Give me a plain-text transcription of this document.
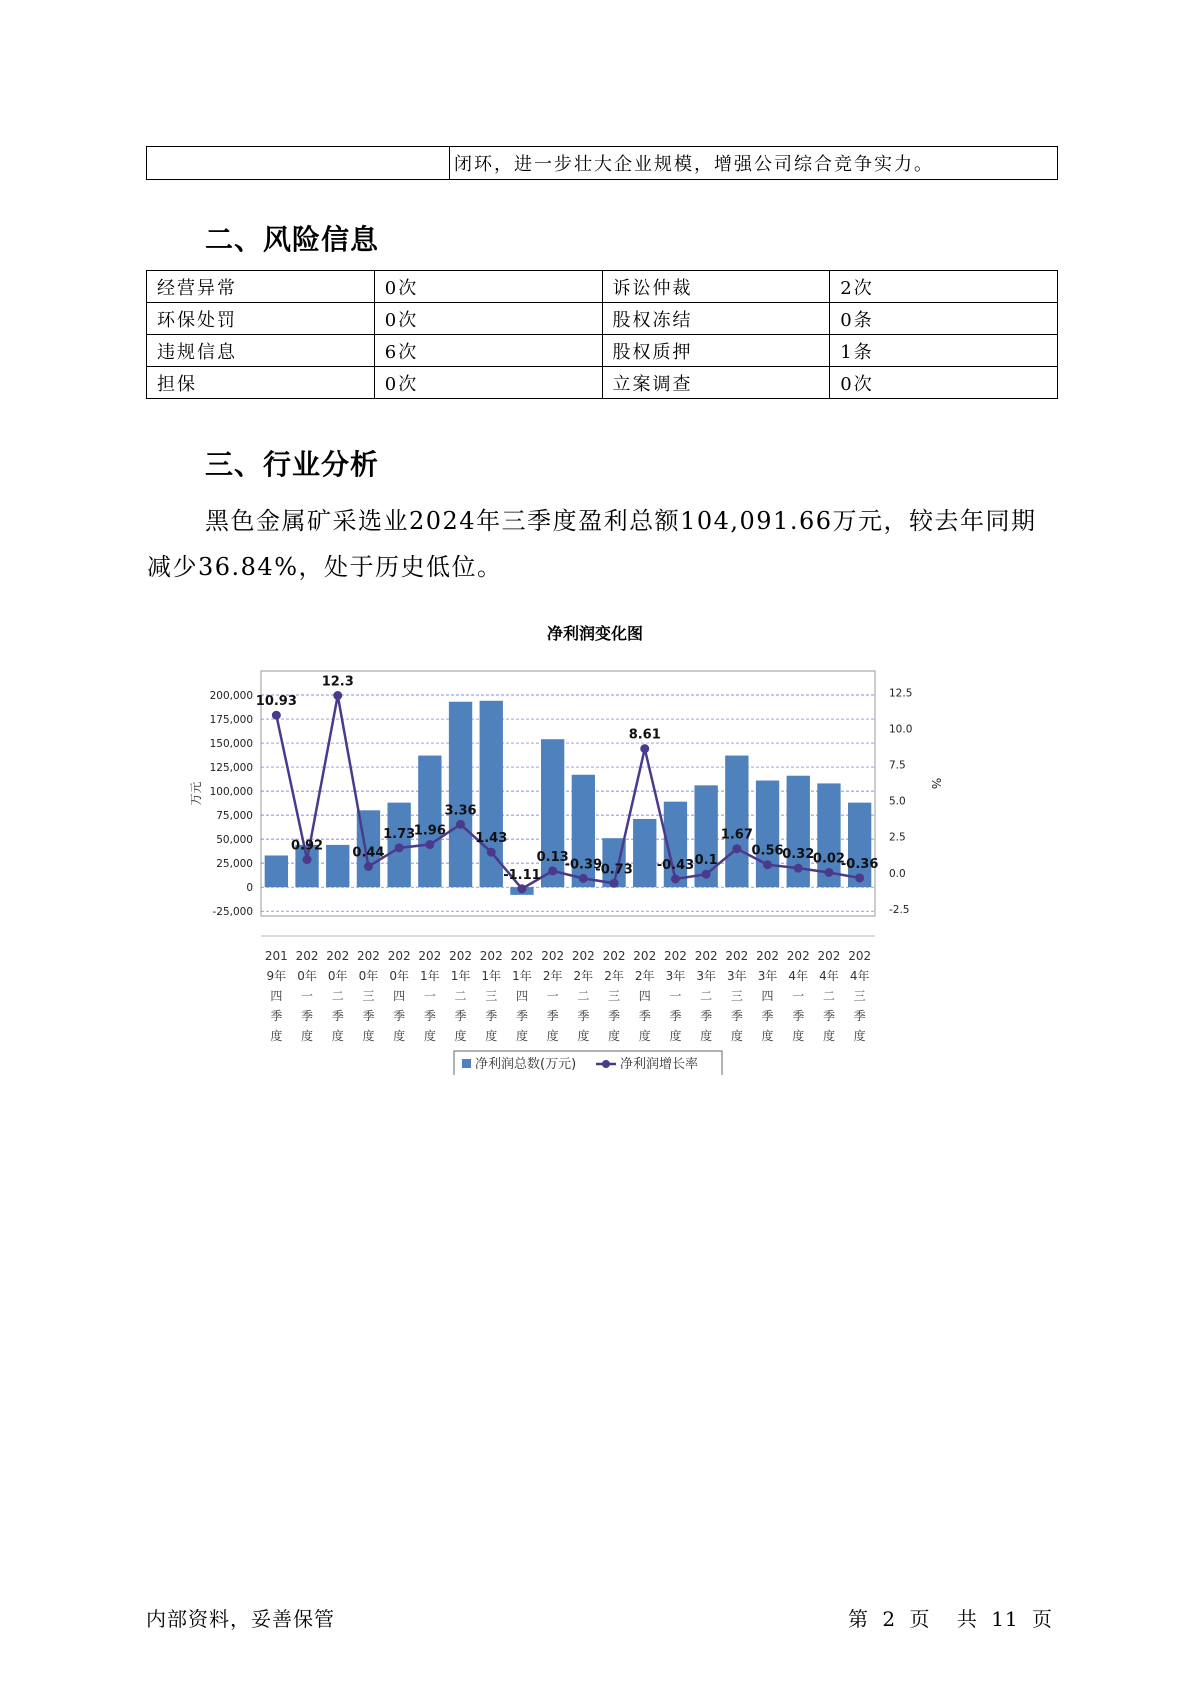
	闭环，进一步壮大企业规模，增强公司综合竞争实力。
二、风险信息
经营异常	0次	诉讼仲裁	2次
环保处罚	0次	股权冻结	0条
违规信息	6次	股权质押	1条
担保	0次	立案调查	0次
三、行业分析

黑色金属矿采选业2024年三季度盈利总额104,091.66万元，较去年同期减少36.84%，处于历史低位。

净利润变化图
200,000
175,000
150,000
125,000
100,000
75,000
50,000
25,000
0
-25,000
12.5
10.0
7.5
5.0
2.5
0.0
-2.5
万元	%
10.93
0.92
12.3
0.44
1.73
1.96
3.36
1.43
-1.11
0.13
-0.39
-0.73
8.61
-0.43 0.1
1.67
0.56
0.32
0.02
-0.36
201
9年
四
季
度
202
0年
一
季
度
202
0年
二
季
度
202
0年
三
季
度
202
0年
四
季
度
202
1年
一
季
度
202
1年
二
季
度
202
1年
三
季
度
202
1年
四
季
度
202
2年
一
季
度
202
2年
二
季
度
202
2年
三
季
度
202
2年
四
季
度
202
3年
一
季
度
202
3年
二
季
度
202
3年
三
季
度
202
3年
四
季
度
202
4年
一
季
度
202
4年
二
季
度
202
4年
三
季
度
净利润总数(万元)	净利润增长率
内部资料，妥善保管	第 2 页 共 11 页
